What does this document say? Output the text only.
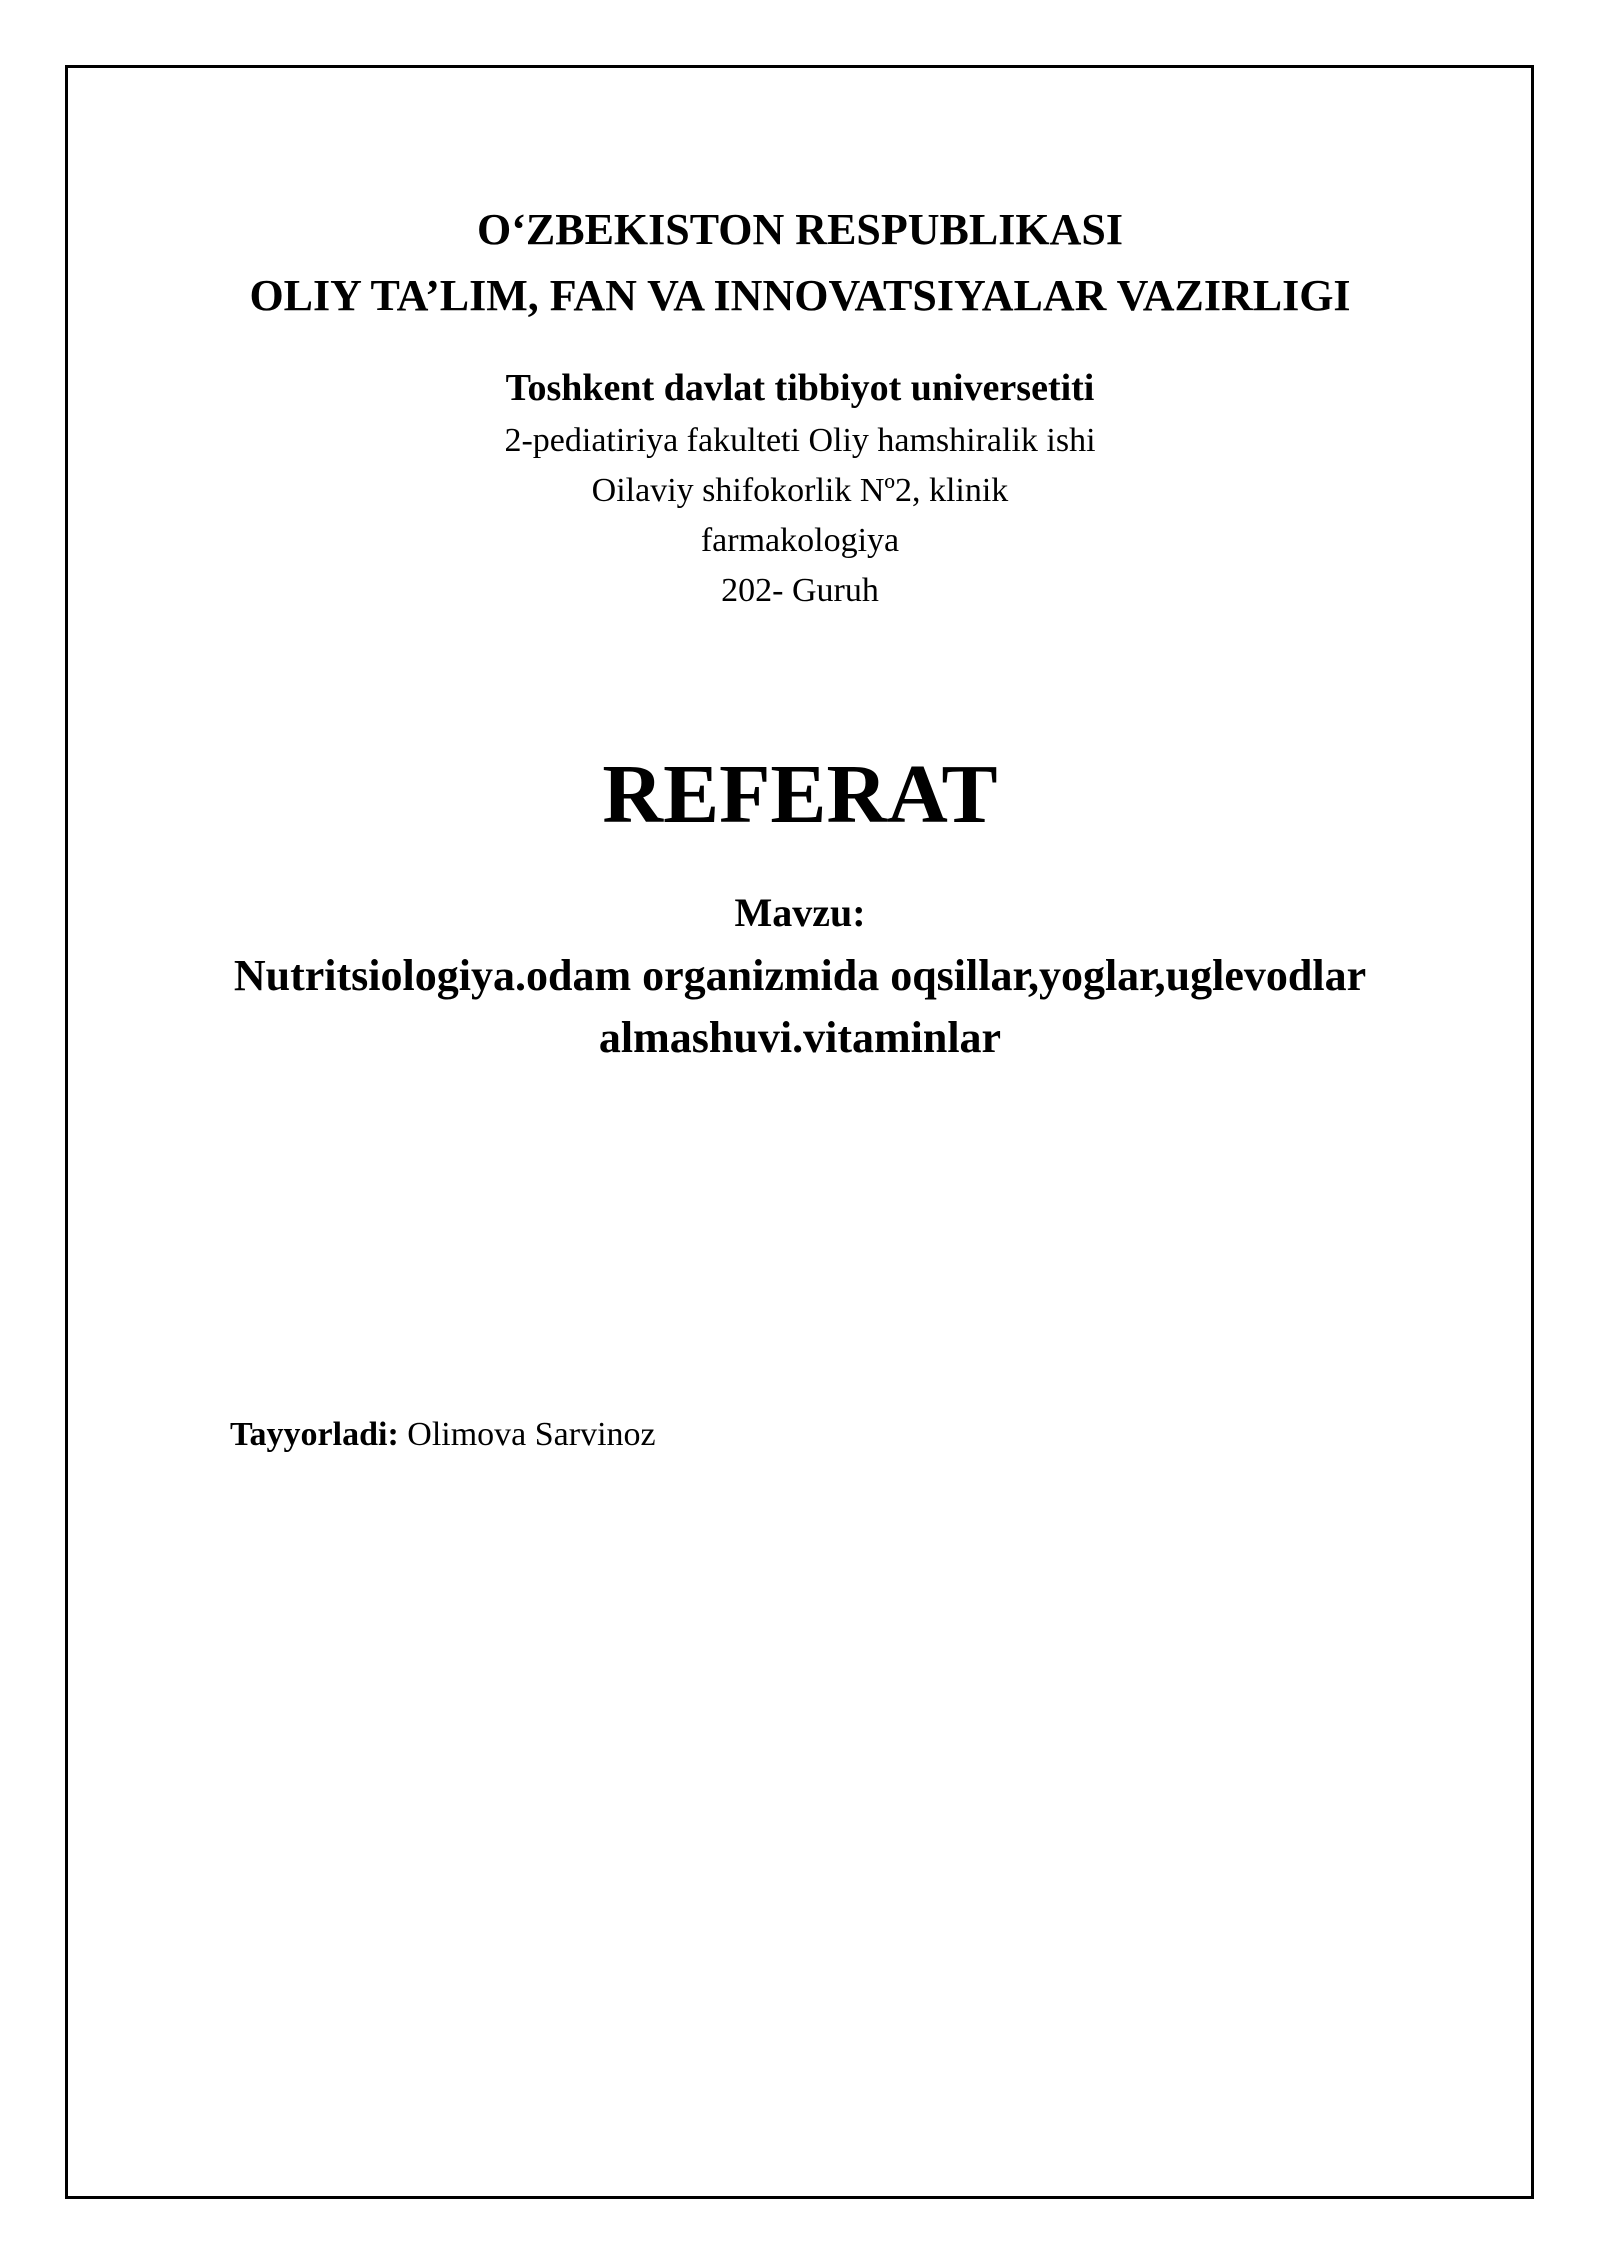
O‘ZBEKISTON RESPUBLIKASI
OLIY TA’LIM, FAN VA INNOVATSIYALAR VAZIRLIGI
Toshkent davlat tibbiyot universetiti
2-pediatiriya fakulteti Oliy hamshiralik ishi
Oilaviy shifokorlik Nº2, klinik
farmakologiya
202- Guruh
REFERAT
Mavzu:
Nutritsiologiya.odam organizmida oqsillar,yoglar,uglevodlar almashuvi.vitaminlar
Tayyorladi: Olimova Sarvinoz
